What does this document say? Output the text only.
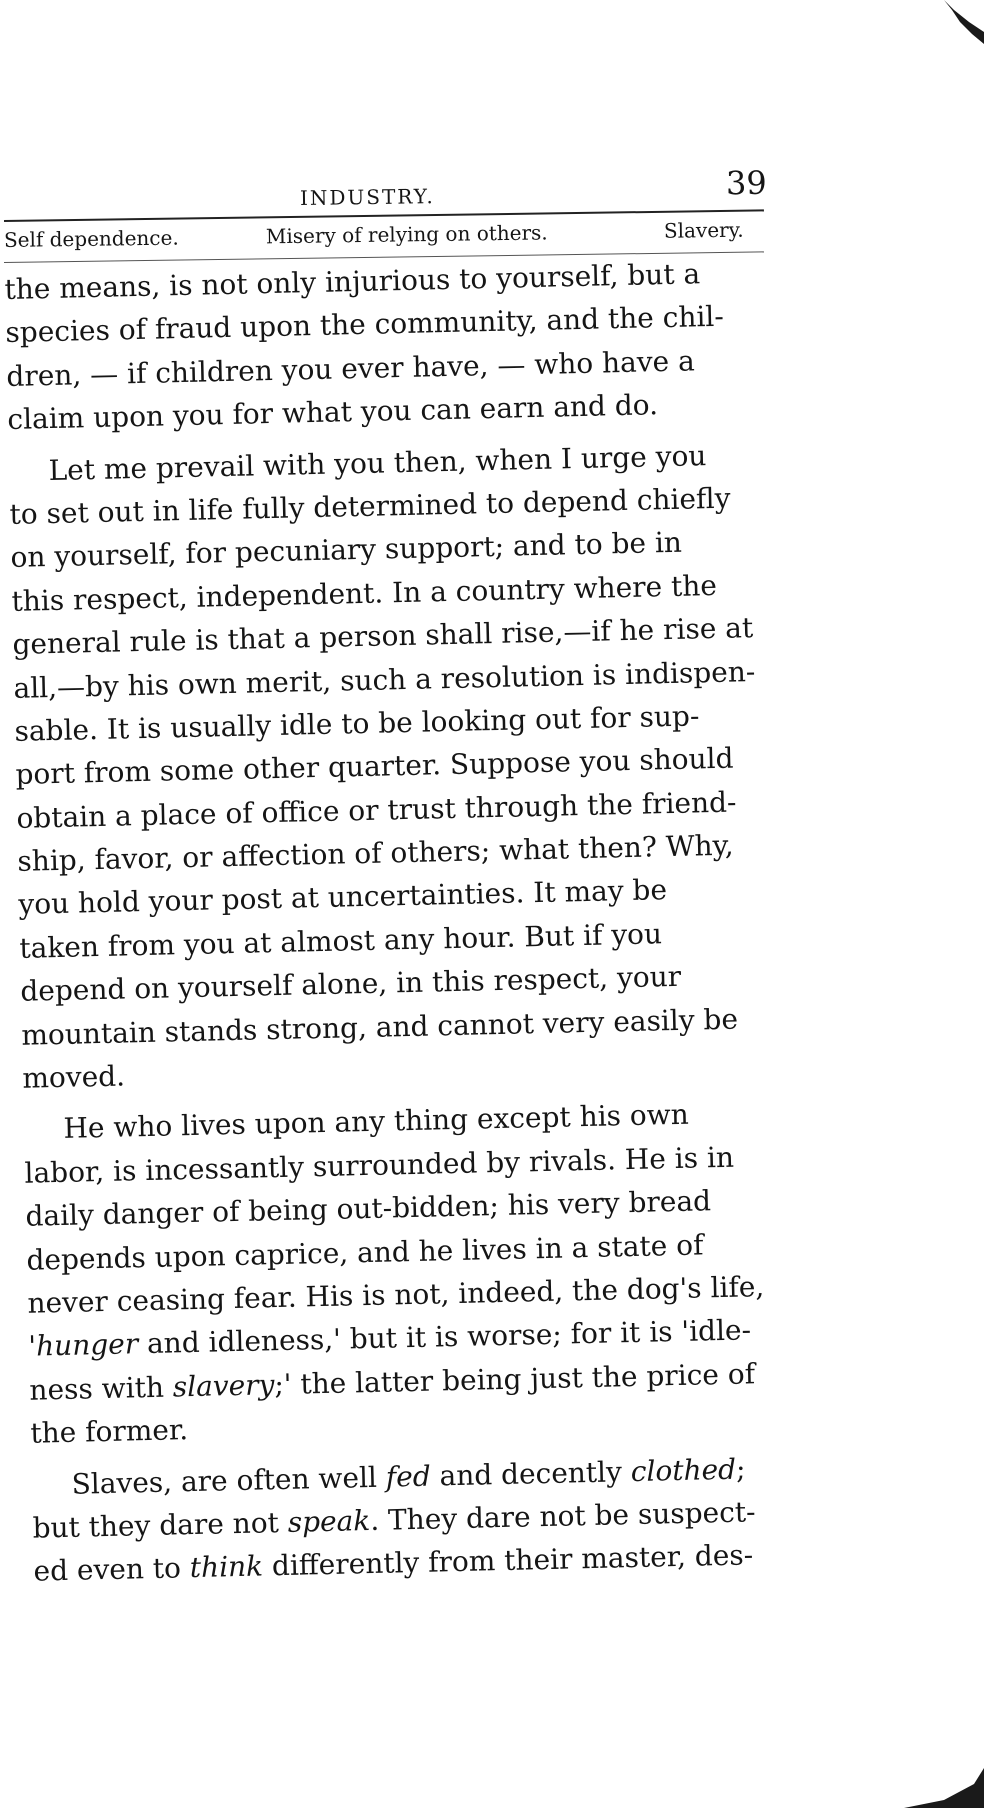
INDUSTRY.	39
Self dependence.	Misery of relying on others.	Slavery.
the means, is not only injurious to yourself, but a
species of fraud upon the community, and the chil-
dren, — if children you ever have, — who have a
claim upon you for what you can earn and do.
Let me prevail with you then, when I urge you
to set out in life fully determined to depend chiefly
on yourself, for pecuniary support; and to be in
this respect, independent. In a country where the
general rule is that a person shall rise,—if he rise at
all,—by his own merit, such a resolution is indispen-
sable. It is usually idle to be looking out for sup-
port from some other quarter. Suppose you should
obtain a place of office or trust through the friend-
ship, favor, or affection of others; what then? Why,
you hold your post at uncertainties. It may be
taken from you at almost any hour. But if you
depend on yourself alone, in this respect, your
mountain stands strong, and cannot very easily be
moved.
He who lives upon any thing except his own
labor, is incessantly surrounded by rivals. He is in
daily danger of being out-bidden; his very bread
depends upon caprice, and he lives in a state of
never ceasing fear. His is not, indeed, the dog's life,
'hunger and idleness,' but it is worse; for it is 'idle-
ness with slavery;' the latter being just the price of
the former.
Slaves, are often well fed and decently clothed;
but they dare not speak. They dare not be suspect-
ed even to think differently from their master, des-
